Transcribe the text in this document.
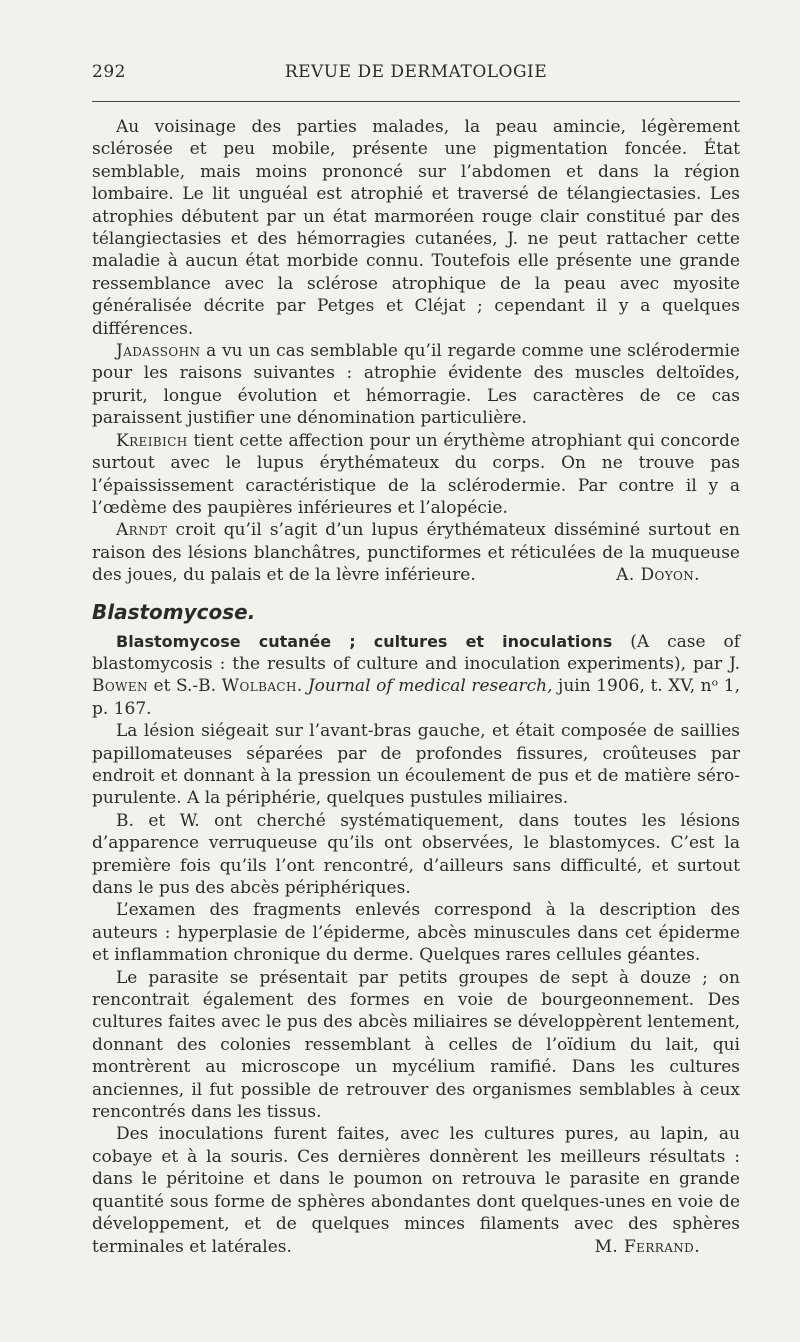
292	REVUE DE DERMATOLOGIE

Au voisinage des parties malades, la peau amincie, légèrement sclérosée et peu mobile, présente une pigmentation foncée. État semblable, mais moins prononcé sur l’abdomen et dans la région lombaire. Le lit unguéal est atrophié et traversé de télangiectasies. Les atrophies débutent par un état marmoréen rouge clair constitué par des télangiectasies et des hémorragies cutanées, J. ne peut rattacher cette maladie à aucun état morbide connu. Toutefois elle présente une grande ressemblance avec la sclérose atrophique de la peau avec myosite généralisée décrite par Petges et Cléjat ; cependant il y a quelques différences.

Jadassohn a vu un cas semblable qu’il regarde comme une sclérodermie pour les raisons suivantes : atrophie évidente des muscles deltoïdes, prurit, longue évolution et hémorragie. Les caractères de ce cas paraissent justifier une dénomination particulière.

Kreibich tient cette affection pour un érythème atrophiant qui concorde surtout avec le lupus érythémateux du corps. On ne trouve pas l’épaississement caractéristique de la sclérodermie. Par contre il y a l’œdème des paupières inférieures et l’alopécie.

Arndt croit qu’il s’agit d’un lupus érythémateux disséminé surtout en raison des lésions blanchâtres, punctiformes et réticulées de la muqueuse des joues, du palais et de la lèvre inférieure.	A. Doyon.

Blastomycose.

Blastomycose cutanée ; cultures et inoculations (A case of blastomycosis : the results of culture and inoculation experiments), par J. Bowen et S.-B. Wolbach. Journal of medical research, juin 1906, t. XV, nᵒ 1, p. 167.

La lésion siégeait sur l’avant-bras gauche, et était composée de saillies papillomateuses séparées par de profondes fissures, croûteuses par endroit et donnant à la pression un écoulement de pus et de matière séro-purulente. A la périphérie, quelques pustules miliaires.

B. et W. ont cherché systématiquement, dans toutes les lésions d’apparence verruqueuse qu’ils ont observées, le blastomyces. C’est la première fois qu’ils l’ont rencontré, d’ailleurs sans difficulté, et surtout dans le pus des abcès périphériques.

L’examen des fragments enlevés correspond à la description des auteurs : hyperplasie de l’épiderme, abcès minuscules dans cet épiderme et inflammation chronique du derme. Quelques rares cellules géantes.

Le parasite se présentait par petits groupes de sept à douze ; on rencontrait également des formes en voie de bourgeonnement. Des cultures faites avec le pus des abcès miliaires se développèrent lentement, donnant des colonies ressemblant à celles de l’oïdium du lait, qui montrèrent au microscope un mycélium ramifié. Dans les cultures anciennes, il fut possible de retrouver des organismes semblables à ceux rencontrés dans les tissus.

Des inoculations furent faites, avec les cultures pures, au lapin, au cobaye et à la souris. Ces dernières donnèrent les meilleurs résultats : dans le péritoine et dans le poumon on retrouva le parasite en grande quantité sous forme de sphères abondantes dont quelques-unes en voie de développement, et de quelques minces filaments avec des sphères terminales et latérales.	M. Ferrand.
